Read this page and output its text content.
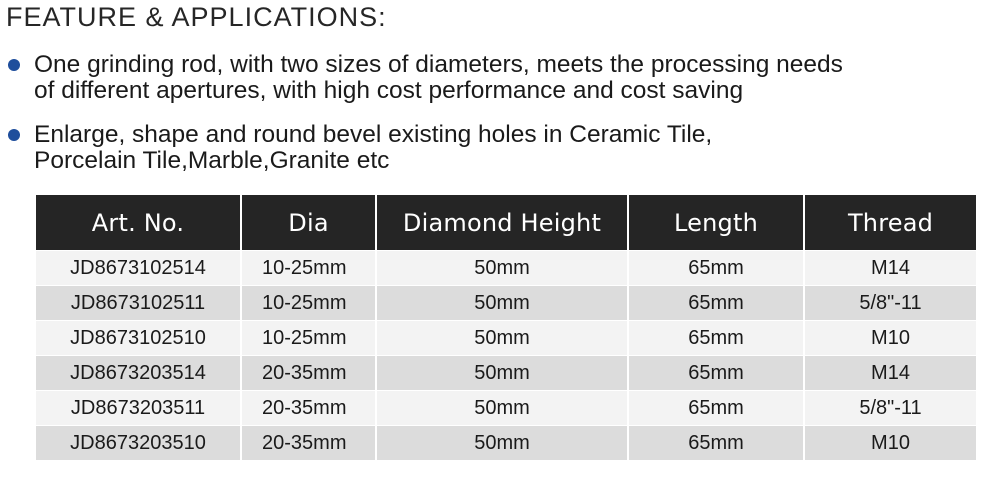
FEATURE & APPLICATIONS:
One grinding rod, with two sizes of diameters, meets the processing needs
of different apertures, with high cost performance and cost saving
Enlarge, shape and round bevel existing holes in Ceramic Tile,
Porcelain Tile,Marble,Granite etc
Art. No.	Dia	Diamond Height	Length	Thread
JD8673102514	10-25mm	50mm	65mm	M14
JD8673102511	10-25mm	50mm	65mm	5/8"-11
JD8673102510	10-25mm	50mm	65mm	M10
JD8673203514	20-35mm	50mm	65mm	M14
JD8673203511	20-35mm	50mm	65mm	5/8"-11
JD8673203510	20-35mm	50mm	65mm	M10
